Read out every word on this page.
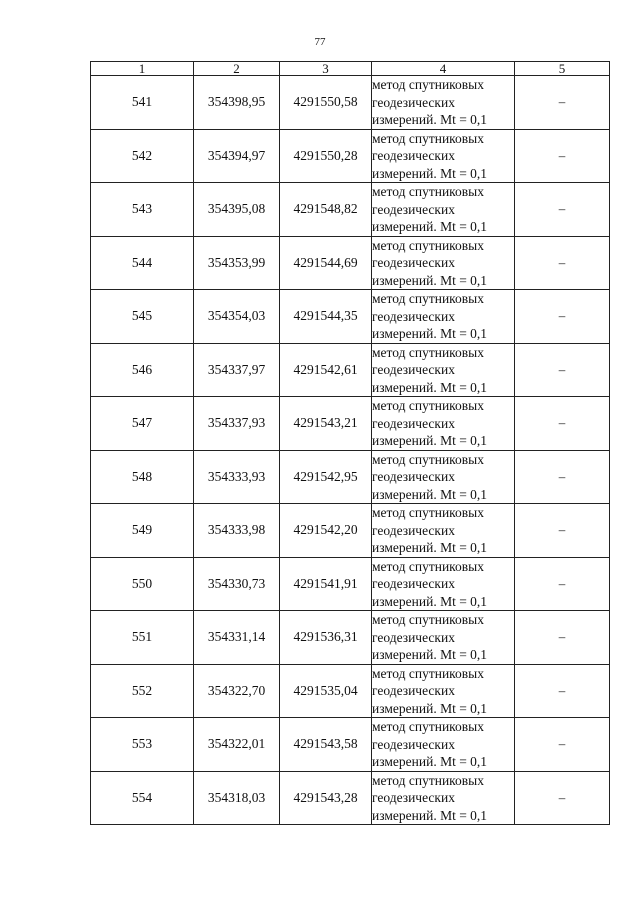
77
1	2	3	4	5
541	354398,95	4291550,58	метод спутниковых
геодезических
измерений. Mt = 0,1	–
542	354394,97	4291550,28	метод спутниковых
геодезических
измерений. Mt = 0,1	–
543	354395,08	4291548,82	метод спутниковых
геодезических
измерений. Mt = 0,1	–
544	354353,99	4291544,69	метод спутниковых
геодезических
измерений. Mt = 0,1	–
545	354354,03	4291544,35	метод спутниковых
геодезических
измерений. Mt = 0,1	–
546	354337,97	4291542,61	метод спутниковых
геодезических
измерений. Mt = 0,1	–
547	354337,93	4291543,21	метод спутниковых
геодезических
измерений. Mt = 0,1	–
548	354333,93	4291542,95	метод спутниковых
геодезических
измерений. Mt = 0,1	–
549	354333,98	4291542,20	метод спутниковых
геодезических
измерений. Mt = 0,1	–
550	354330,73	4291541,91	метод спутниковых
геодезических
измерений. Mt = 0,1	–
551	354331,14	4291536,31	метод спутниковых
геодезических
измерений. Mt = 0,1	–
552	354322,70	4291535,04	метод спутниковых
геодезических
измерений. Mt = 0,1	–
553	354322,01	4291543,58	метод спутниковых
геодезических
измерений. Mt = 0,1	–
554	354318,03	4291543,28	метод спутниковых
геодезических
измерений. Mt = 0,1	–
